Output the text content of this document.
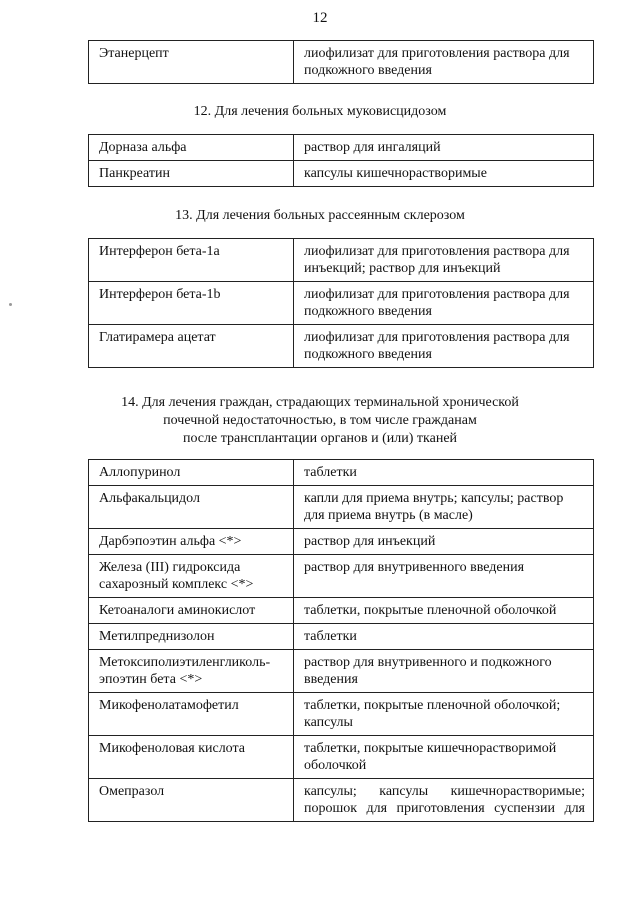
12
Этанерцепт	лиофилизат для приготовления раствора для подкожного введения
12. Для лечения больных муковисцидозом
Дорназа альфа	раствор для ингаляций
Панкреатин	капсулы кишечнорастворимые
13. Для лечения больных рассеянным склерозом
Интерферон бета-1a	лиофилизат для приготовления раствора для инъекций; раствор для инъекций
Интерферон бета-1b	лиофилизат для приготовления раствора для подкожного введения
Глатирамера ацетат	лиофилизат для приготовления раствора для подкожного введения
14. Для лечения граждан, страдающих терминальной хронической
почечной недостаточностью, в том числе гражданам
после трансплантации органов и (или) тканей
Аллопуринол	таблетки
Альфакальцидол	капли для приема внутрь; капсулы; раствор для приема внутрь (в масле)
Дарбэпоэтин альфа <*>	раствор для инъекций
Железа (III) гидроксида сахарозный комплекс <*>	раствор для внутривенного введения
Кетоаналоги аминокислот	таблетки, покрытые пленочной оболочкой
Метилпреднизолон	таблетки
Метоксиполиэтиленгликоль-эпоэтин бета <*>	раствор для внутривенного и подкожного введения
Микофенолатамофетил	таблетки, покрытые пленочной оболочкой; капсулы
Микофеноловая кислота	таблетки, покрытые кишечнорастворимой оболочкой
Омепразол	капсулы; капсулы кишечнорастворимые;
порошок для приготовления суспензии для
